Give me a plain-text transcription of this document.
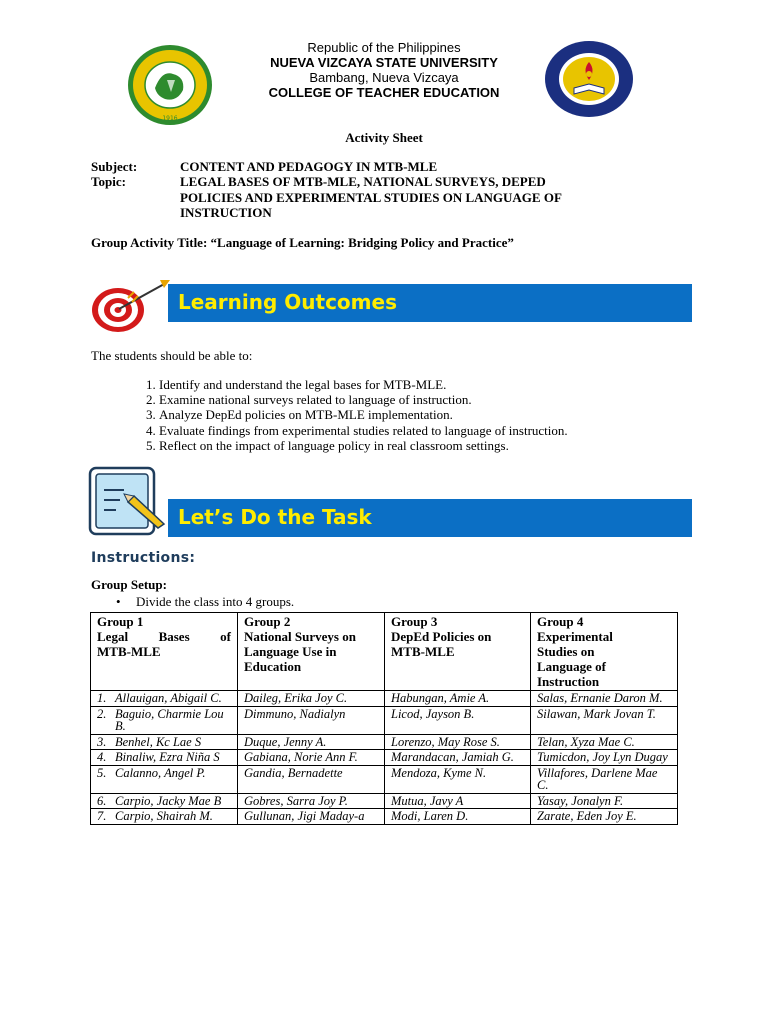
1916
Republic of the Philippines
NUEVA VIZCAYA STATE UNIVERSITY
Bambang, Nueva Vizcaya
COLLEGE OF TEACHER EDUCATION
Activity Sheet
Subject:	CONTENT AND PEDAGOGY IN MTB-MLE
Topic:	LEGAL BASES OF MTB-MLE, NATIONAL SURVEYS, DEPED
POLICIES AND EXPERIMENTAL STUDIES ON LANGUAGE OF
INSTRUCTION
Group Activity Title: “Language of Learning: Bridging Policy and Practice”
Learning Outcomes
The students should be able to:
1. Identify and understand the legal bases for MTB-MLE.
2. Examine national surveys related to language of instruction.
3. Analyze DepEd policies on MTB-MLE implementation.
4. Evaluate findings from experimental studies related to language of instruction.
5. Reflect on the impact of language policy in real classroom settings.
Let’s Do the Task
Instructions:
Group Setup:
• Divide the class into 4 groups.
Group 1
Legal Bases of
MTB-MLE	Group 2
National Surveys on
Language Use in
Education	Group 3
DepEd Policies on
MTB-MLE	Group 4
Experimental
Studies on
Language of
Instruction

1. Allauigan, Abigail C.	Daileg, Erika Joy C.	Habungan, Amie A.	Salas, Ernanie Daron M.

2. Baguio, Charmie Lou B.	Dimmuno, Nadialyn	Licod, Jayson B.	Silawan, Mark Jovan T.

3. Benhel, Kc Lae S	Duque, Jenny A.	Lorenzo, May Rose S.	Telan, Xyza Mae C.

4. Binaliw, Ezra Niña S	Gabiana, Norie Ann F.	Marandacan, Jamiah G.	Tumicdon, Joy Lyn Dugay

5. Calanno, Angel P.	Gandia, Bernadette	Mendoza, Kyme N.	Villafores, Darlene Mae C.

6. Carpio, Jacky Mae B	Gobres, Sarra Joy P.	Mutua, Javy A	Yasay, Jonalyn F.

7. Carpio, Shairah M.	Gullunan, Jigi Maday-a	Modi, Laren D.	Zarate, Eden Joy E.
